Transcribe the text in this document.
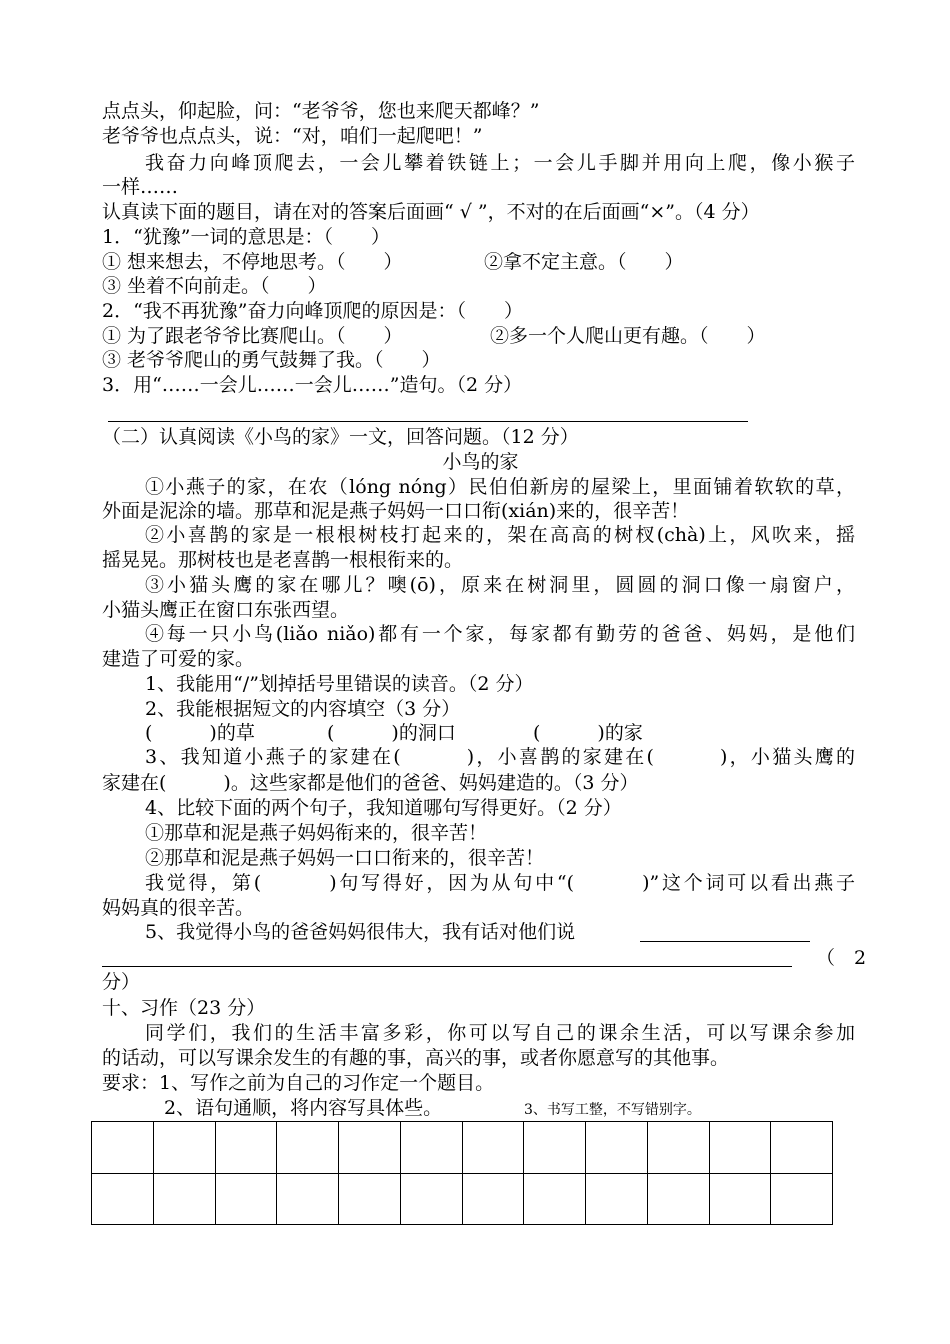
点点头，仰起脸，问：“老爷爷，您也来爬天都峰？”
老爷爷也点点头，说：“对，咱们一起爬吧！”
我奋力向峰顶爬去，一会儿攀着铁链上；一会儿手脚并用向上爬，像小猴子
一样……
认真读下面的题目，请在对的答案后面画“ √ ”，不对的在后面画“×”。（4 分）
1．“犹豫”一词的意思是：（　　）
① 想来想去，不停地思考。（　　）	②拿不定主意。（　　）
③ 坐着不向前走。（　　）
2．“我不再犹豫”奋力向峰顶爬的原因是：（　　）
① 为了跟老爷爷比赛爬山。（　　）	②多一个人爬山更有趣。（　　）
③ 老爷爷爬山的勇气鼓舞了我。（　　）
3．用“……一会儿……一会儿……”造句。（2 分）
（二）认真阅读《小鸟的家》一文，回答问题。（12 分）
小鸟的家
①小燕子的家，在农（lóng nóng）民伯伯新房的屋梁上，里面铺着软软的草，
外面是泥涂的墙。那草和泥是燕子妈妈一口口衔(xián)来的，很辛苦！
②小喜鹊的家是一根根树枝打起来的，架在高高的树杈(chà)上，风吹来，摇
摇晃晃。那树枝也是老喜鹊一根根衔来的。
③小猫头鹰的家在哪儿？噢(ō)，原来在树洞里，圆圆的洞口像一扇窗户，
小猫头鹰正在窗口东张西望。
④每一只小鸟(liǎo niǎo)都有一个家，每家都有勤劳的爸爸、妈妈，是他们
建造了可爱的家。
1、我能用“/”划掉括号里错误的读音。（2 分）
2、我能根据短文的内容填空（3 分）
(　　　)的草	(　　　)的洞口	(　　　)的家
3、我知道小燕子的家建在(　　　)，小喜鹊的家建在(　　　)，小猫头鹰的
家建在(　　　)。这些家都是他们的爸爸、妈妈建造的。（3 分）
4、比较下面的两个句子，我知道哪句写得更好。（2 分）
①那草和泥是燕子妈妈衔来的，很辛苦！
②那草和泥是燕子妈妈一口口衔来的，很辛苦！
我觉得，第(　　　)句写得好，因为从句中“(　　　)”这个词可以看出燕子
妈妈真的很辛苦。
5、我觉得小鸟的爸爸妈妈很伟大，我有话对他们说
（　2
分）
十、习作（23 分）
同学们，我们的生活丰富多彩，你可以写自己的课余生活，可以写课余参加
的话动，可以写课余发生的有趣的事，高兴的事，或者你愿意写的其他事。
要求：1、写作之前为自己的习作定一个题目。
2、语句通顺，将内容写具体些。	3、书写工整，不写错别字。
